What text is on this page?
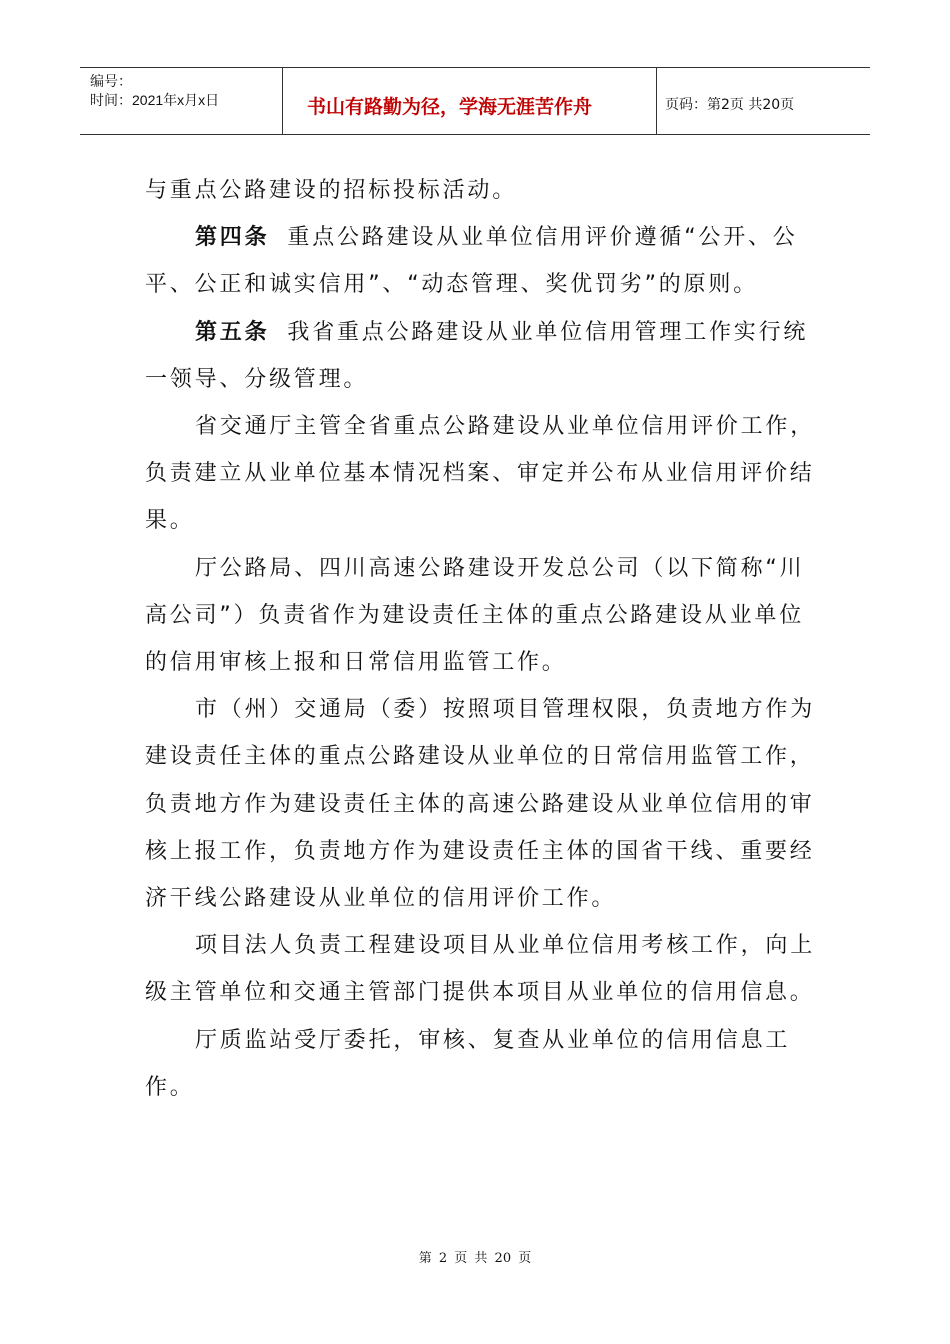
编号：
时间：2021年x月x日	书山有路勤为径，学海无涯苦作舟	页码：第2页 共20页

与重点公路建设的招标投标活动。

第四条 重点公路建设从业单位信用评价遵循“公开、公平、公正和诚实信用”、“动态管理、奖优罚劣”的原则。

第五条 我省重点公路建设从业单位信用管理工作实行统一领导、分级管理。

省交通厅主管全省重点公路建设从业单位信用评价工作，负责建立从业单位基本情况档案、审定并公布从业信用评价结果。

厅公路局、四川高速公路建设开发总公司（以下简称“川高公司”）负责省作为建设责任主体的重点公路建设从业单位的信用审核上报和日常信用监管工作。

市（州）交通局（委）按照项目管理权限，负责地方作为建设责任主体的重点公路建设从业单位的日常信用监管工作，负责地方作为建设责任主体的高速公路建设从业单位信用的审核上报工作，负责地方作为建设责任主体的国省干线、重要经济干线公路建设从业单位的信用评价工作。

项目法人负责工程建设项目从业单位信用考核工作，向上级主管单位和交通主管部门提供本项目从业单位的信用信息。

厅质监站受厅委托，审核、复查从业单位的信用信息工作。

第 2 页 共 20 页
